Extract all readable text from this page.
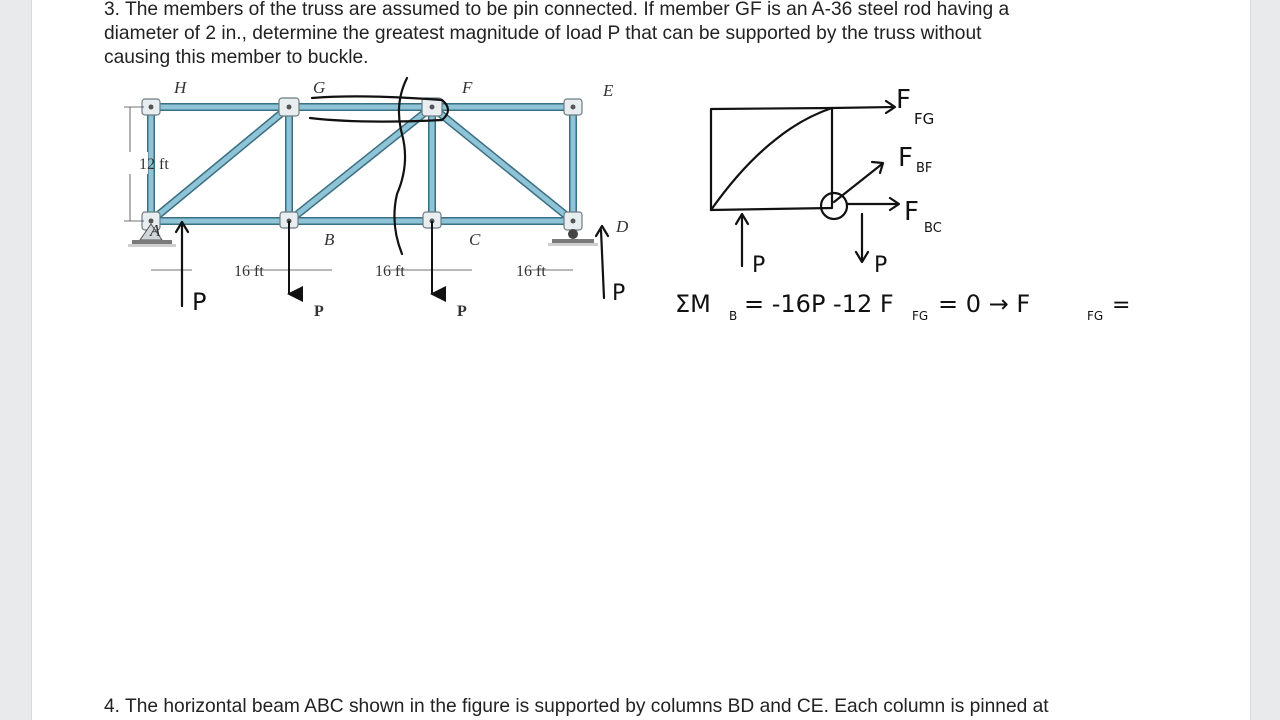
3. The members of the truss are assumed to be pin connected. If member GF is an A-36 steel rod having a

diameter of 2 in., determine the greatest magnitude of load P that can be supported by the truss without

causing this member to buckle.

H	G	F	E
A	B	C
D
12 ft
16 ft	16 ft	16 ft
P	P
P	P
F
FG
F BF
F
BC
P	P
ΣM B = -16P -12 F FG = 0 → F	FG =

4. The horizontal beam ABC shown in the figure is supported by columns BD and CE. Each column is pinned at
